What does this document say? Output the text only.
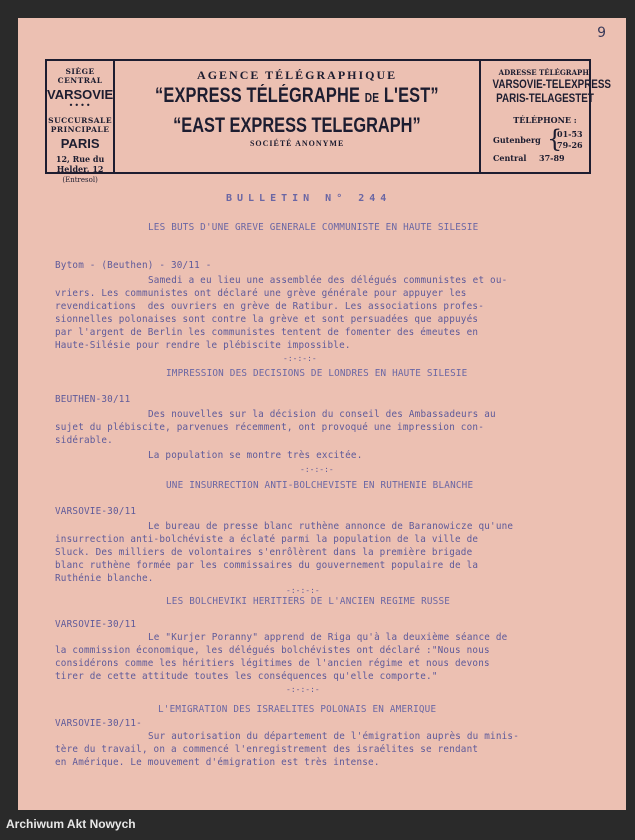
9
SIÈGE CENTRAL
VARSOVIE
••••
SUCCURSALE PRINCIPALE
PARIS
12, Rue du Helder, 12
(Entresol)
AGENCE TÉLÉGRAPHIQUE
“EXPRESS TÉLÉGRAPHE DE L'EST”
“EAST EXPRESS TELEGRAPH”
SOCIÉTÉ ANONYME
ADRESSE TÉLÉGRAPH.
VARSOVIE-TELEXPRESS
PARIS-TELAGESTET
TÉLÉPHONE :
Gutenberg {
01-53
79-26
Central 37-89
BULLETIN N° 244
LES BUTS D'UNE GREVE GENERALE COMMUNISTE EN HAUTE SILESIE
Bytom - (Beuthen) - 30/11 -
Samedi a eu lieu une assemblée des délégués communistes et ou-
vriers. Les communistes ont déclaré une grève générale pour appuyer les
revendications  des ouvriers en grève de Ratibur. Les associations profes-
sionnelles polonaises sont contre la grève et sont persuadées que appuyés
par l'argent de Berlin les communistes tentent de fomenter des émeutes en
Haute-Silésie pour rendre le plébiscite impossible.
-:-:-:-
IMPRESSION DES DECISIONS DE LONDRES EN HAUTE SILESIE
BEUTHEN-30/11
Des nouvelles sur la décision du conseil des Ambassadeurs au
sujet du plébiscite, parvenues récemment, ont provoqué une impression con-
sidérable.
La population se montre très excitée.
-:-:-:-
UNE INSURRECTION ANTI-BOLCHEVISTE EN RUTHENIE BLANCHE
VARSOVIE-30/11
Le bureau de presse blanc ruthène annonce de Baranowicze qu'une
insurrection anti-bolchéviste a éclaté parmi la population de la ville de
Sluck. Des milliers de volontaires s'enrôlèrent dans la première brigade
blanc ruthène formée par les commissaires du gouvernement populaire de la
Ruthénie blanche.
-:-:-:-
LES BOLCHEVIKI HERITIERS DE L'ANCIEN REGIME RUSSE
VARSOVIE-30/11
Le "Kurjer Poranny" apprend de Riga qu'à la deuxième séance de
la commission économique, les délégués bolchévistes ont déclaré :"Nous nous
considérons comme les héritiers légitimes de l'ancien régime et nous devons
tirer de cette attitude toutes les conséquences qu'elle comporte."
-:-:-:-
L'EMIGRATION DES ISRAELITES POLONAIS EN AMERIQUE
VARSOVIE-30/11-
Sur autorisation du département de l'émigration auprès du minis-
tère du travail, on a commencé l'enregistrement des israélites se rendant
en Amérique. Le mouvement d'émigration est très intense.
Archiwum Akt Nowych
